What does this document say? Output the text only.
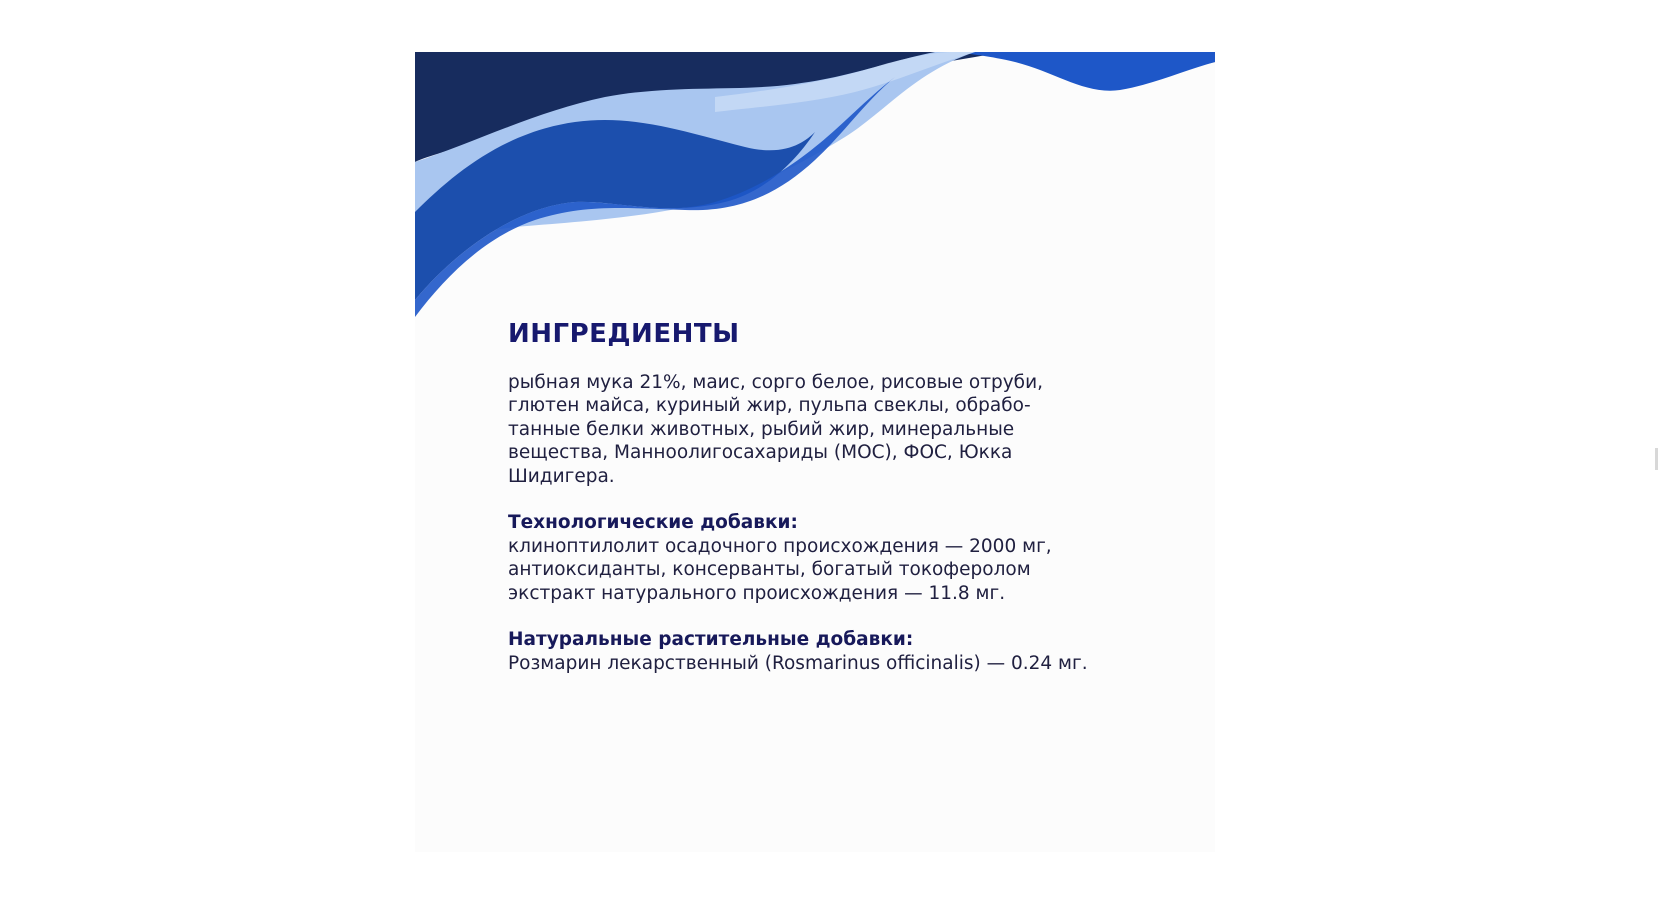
ИНГРЕДИЕНТЫ

рыбная мука 21%, маис, сорго белое, рисовые отруби,
глютен майса, куриный жир, пульпа свеклы, обрабо-
танные белки животных, рыбий жир, минеральные
вещества, Манноолигосахариды (МОС), ФОС, Юкка
Шидигера.

Технологические добавки:

клиноптилолит осадочного происхождения — 2000 мг,
антиоксиданты, консерванты, богатый токоферолом
экстракт натурального происхождения — 11.8 мг.

Натуральные растительные добавки:

Розмарин лекарственный (Rosmarinus officinalis) — 0.24 мг.
